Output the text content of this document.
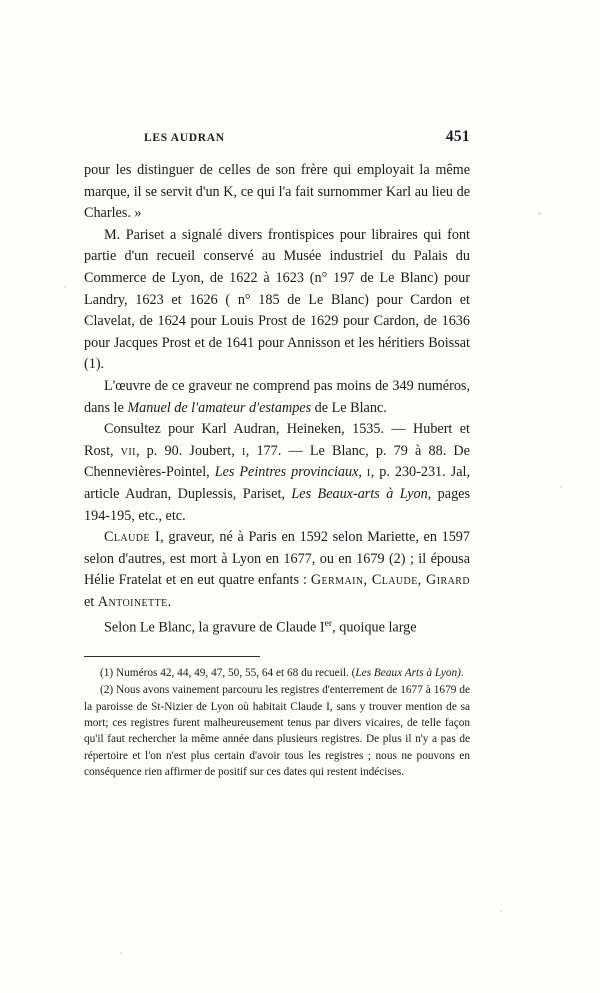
LES AUDRAN	451

pour les distinguer de celles de son frère qui employait la même marque, il se servit d'un K, ce qui l'a fait surnommer Karl au lieu de Charles. »

M. Pariset a signalé divers frontispices pour libraires qui font partie d'un recueil conservé au Musée industriel du Palais du Commerce de Lyon, de 1622 à 1623 (n° 197 de Le Blanc) pour Landry, 1623 et 1626 ( n° 185 de Le Blanc) pour Cardon et Clavelat, de 1624 pour Louis Prost de 1629 pour Cardon, de 1636 pour Jacques Prost et de 1641 pour Annisson et les héritiers Boissat (1).

L'œuvre de ce graveur ne comprend pas moins de 349 numéros, dans le Manuel de l'amateur d'estampes de Le Blanc.

Consultez pour Karl Audran, Heineken, 1535. — Hubert et Rost, vii, p. 90. Joubert, i, 177. — Le Blanc, p. 79 à 88. De Chennevières-Pointel, Les Peintres provinciaux, i, p. 230-231. Jal, article Audran, Duplessis, Pariset, Les Beaux-arts à Lyon, pages 194-195, etc., etc.

Claude I, graveur, né à Paris en 1592 selon Mariette, en 1597 selon d'autres, est mort à Lyon en 1677, ou en 1679 (2) ; il épousa Hélie Fratelat et en eut quatre enfants : Germain, Claude, Girard et Antoinette.

Selon Le Blanc, la gravure de Claude Ier, quoique large

(1) Numéros 42, 44, 49, 47, 50, 55, 64 et 68 du recueil. (Les Beaux Arts à Lyon).

(2) Nous avons vainement parcouru les registres d'enterrement de 1677 à 1679 de la paroisse de St-Nizier de Lyon où habitait Claude I, sans y trouver mention de sa mort; ces registres furent malheureusement tenus par divers vicaires, de telle façon qu'il faut rechercher la même année dans plusieurs registres. De plus il n'y a pas de répertoire et l'on n'est plus certain d'avoir tous les registres ; nous ne pouvons en conséquence rien affirmer de positif sur ces dates qui restent indécises.
